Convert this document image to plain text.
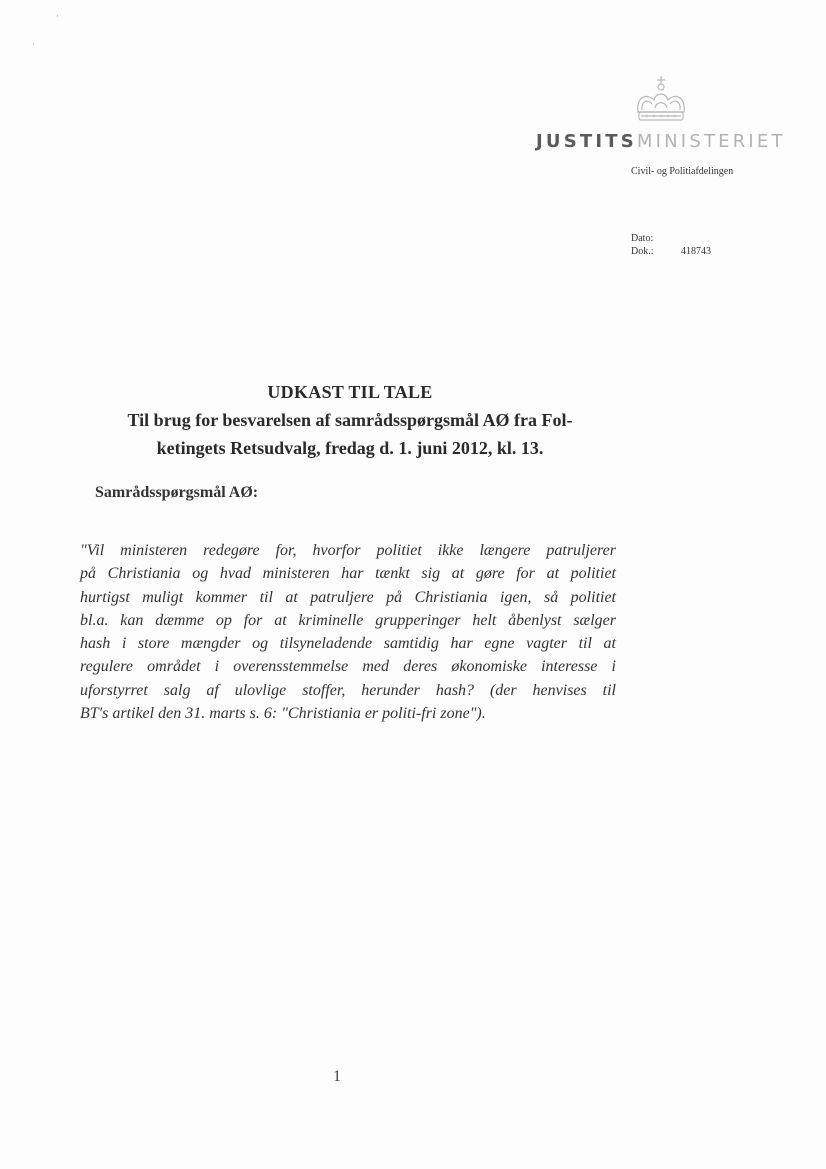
·
·
JUSTITSMINISTERIET
Civil- og Politiafdelingen
Dato:
Dok.:	418743
UDKAST TIL TALE
Til brug for besvarelsen af samrådsspørgsmål AØ fra Fol-
ketingets Retsudvalg, fredag d. 1. juni 2012, kl. 13.
Samrådsspørgsmål AØ:
"Vil ministeren redegøre for, hvorfor politiet ikke længere patruljerer
på Christiania og hvad ministeren har tænkt sig at gøre for at politiet
hurtigst muligt kommer til at patruljere på Christiania igen, så politiet
bl.a. kan dæmme op for at kriminelle grupperinger helt åbenlyst sælger
hash i store mængder og tilsyneladende samtidig har egne vagter til at
regulere området i overensstemmelse med deres økonomiske interesse i
uforstyrret salg af ulovlige stoffer, herunder hash? (der henvises til
BT's artikel den 31. marts s. 6: "Christiania er politi-fri zone").
1
